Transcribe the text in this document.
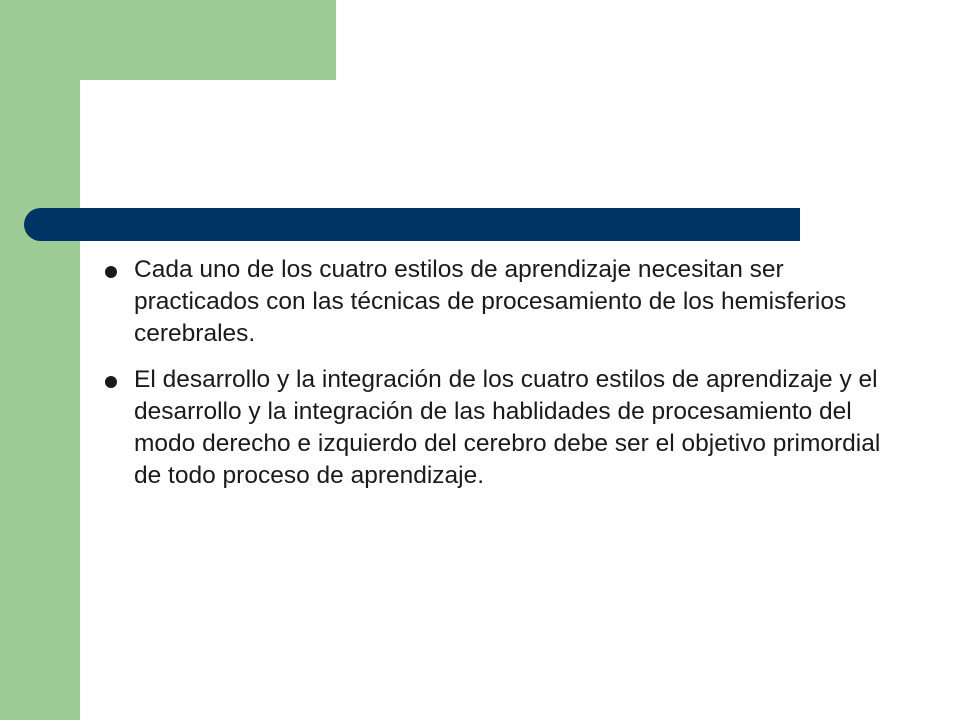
Cada uno de los cuatro estilos de aprendizaje necesitan ser practicados con las técnicas de procesamiento de los hemisferios cerebrales.
El desarrollo y la integración de los cuatro estilos de aprendizaje y el desarrollo y la integración de las hablidades de procesamiento del modo derecho e izquierdo del cerebro debe ser el objetivo primordial de todo proceso de aprendizaje.
